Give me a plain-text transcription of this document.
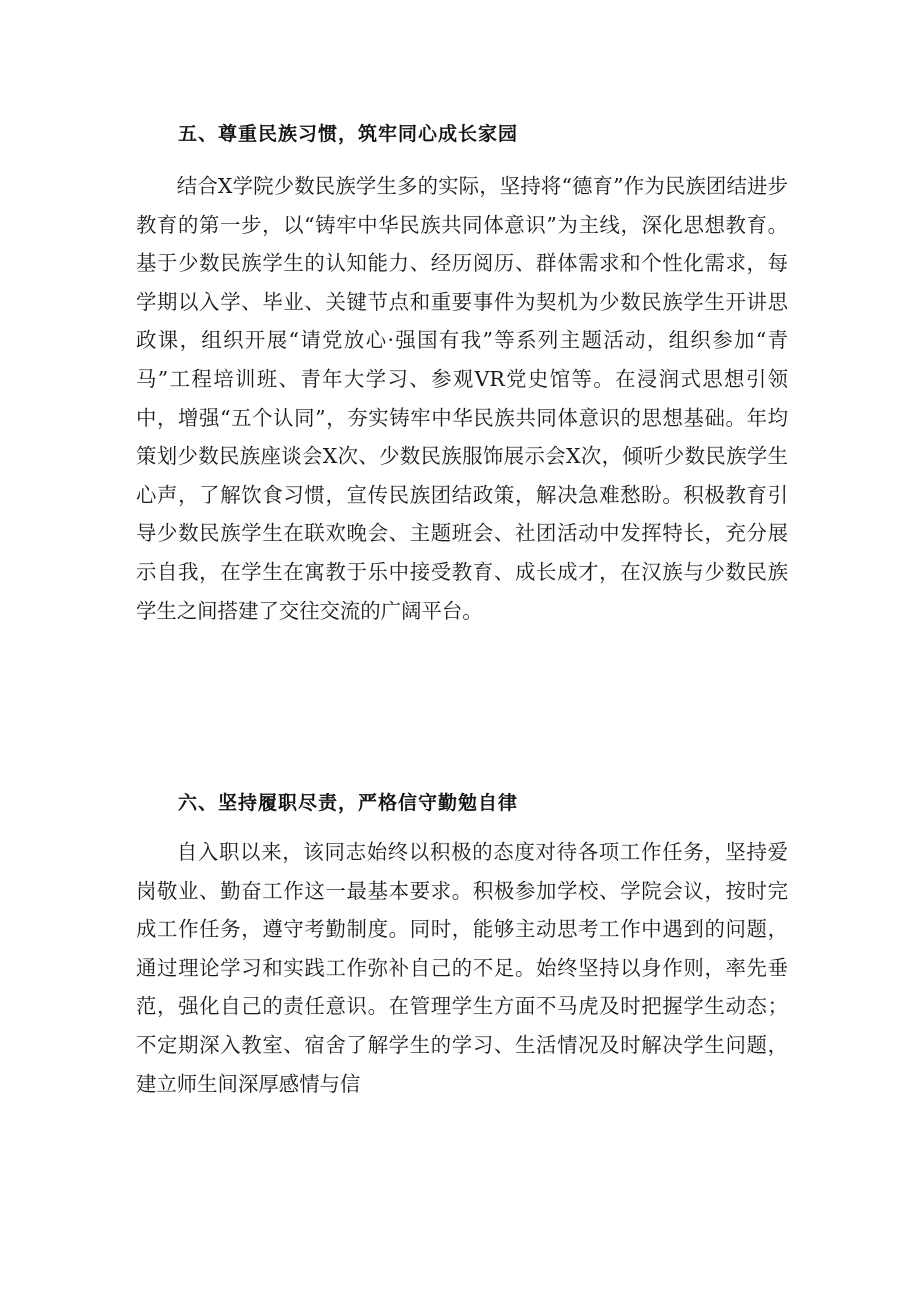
五、尊重民族习惯，筑牢同心成长家园
结合X学院少数民族学生多的实际，坚持将“德育”作为民族团结进步教育的第一步，以“铸牢中华民族共同体意识”为主线，深化思想教育。基于少数民族学生的认知能力、经历阅历、群体需求和个性化需求，每学期以入学、毕业、关键节点和重要事件为契机为少数民族学生开讲思政课，组织开展“请党放心·强国有我”等系列主题活动，组织参加“青马”工程培训班、青年大学习、参观VR党史馆等。在浸润式思想引领中，增强“五个认同”，夯实铸牢中华民族共同体意识的思想基础。年均策划少数民族座谈会X次、少数民族服饰展示会X次，倾听少数民族学生心声，了解饮食习惯，宣传民族团结政策，解决急难愁盼。积极教育引导少数民族学生在联欢晚会、主题班会、社团活动中发挥特长，充分展示自我，在学生在寓教于乐中接受教育、成长成才，在汉族与少数民族学生之间搭建了交往交流的广阔平台。
六、坚持履职尽责，严格信守勤勉自律
自入职以来，该同志始终以积极的态度对待各项工作任务，坚持爱岗敬业、勤奋工作这一最基本要求。积极参加学校、学院会议，按时完成工作任务，遵守考勤制度。同时，能够主动思考工作中遇到的问题，通过理论学习和实践工作弥补自己的不足。始终坚持以身作则，率先垂范，强化自己的责任意识。在管理学生方面不马虎及时把握学生动态；不定期深入教室、宿舍了解学生的学习、生活情况及时解决学生问题，建立师生间深厚感情与信
